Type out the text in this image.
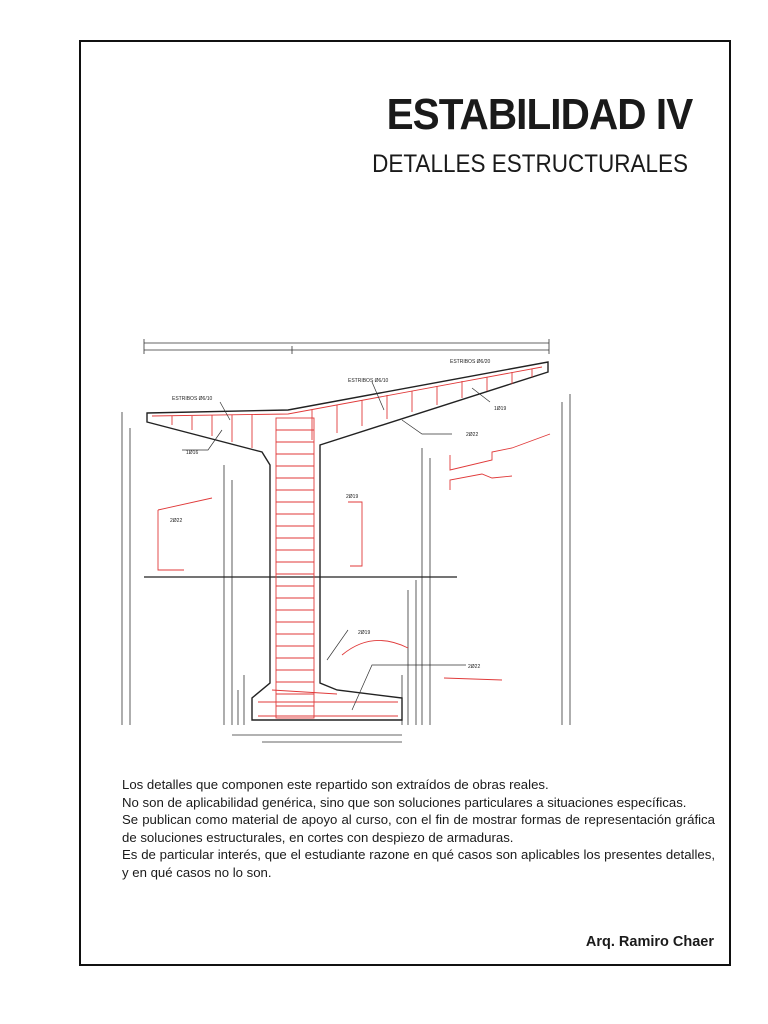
ESTABILIDAD IV
DETALLES ESTRUCTURALES
ESTRIBOS Ø6/10
ESTRIBOS Ø6/10
ESTRIBOS Ø6/20
1Ø16
1Ø19
2Ø22
2Ø19
2Ø22
2Ø19
2Ø22
Los detalles que componen este repartido son extraídos de obras reales.
No son de aplicabilidad genérica, sino que son soluciones particulares a situaciones específicas.
Se publican como material de apoyo al curso, con el fin de mostrar formas de representación gráfica de soluciones estructurales, en cortes con despiezo de armaduras.
Es de particular interés, que el estudiante razone en qué casos son aplicables los presentes detalles, y en qué casos no lo son.

Arq. Ramiro Chaer
